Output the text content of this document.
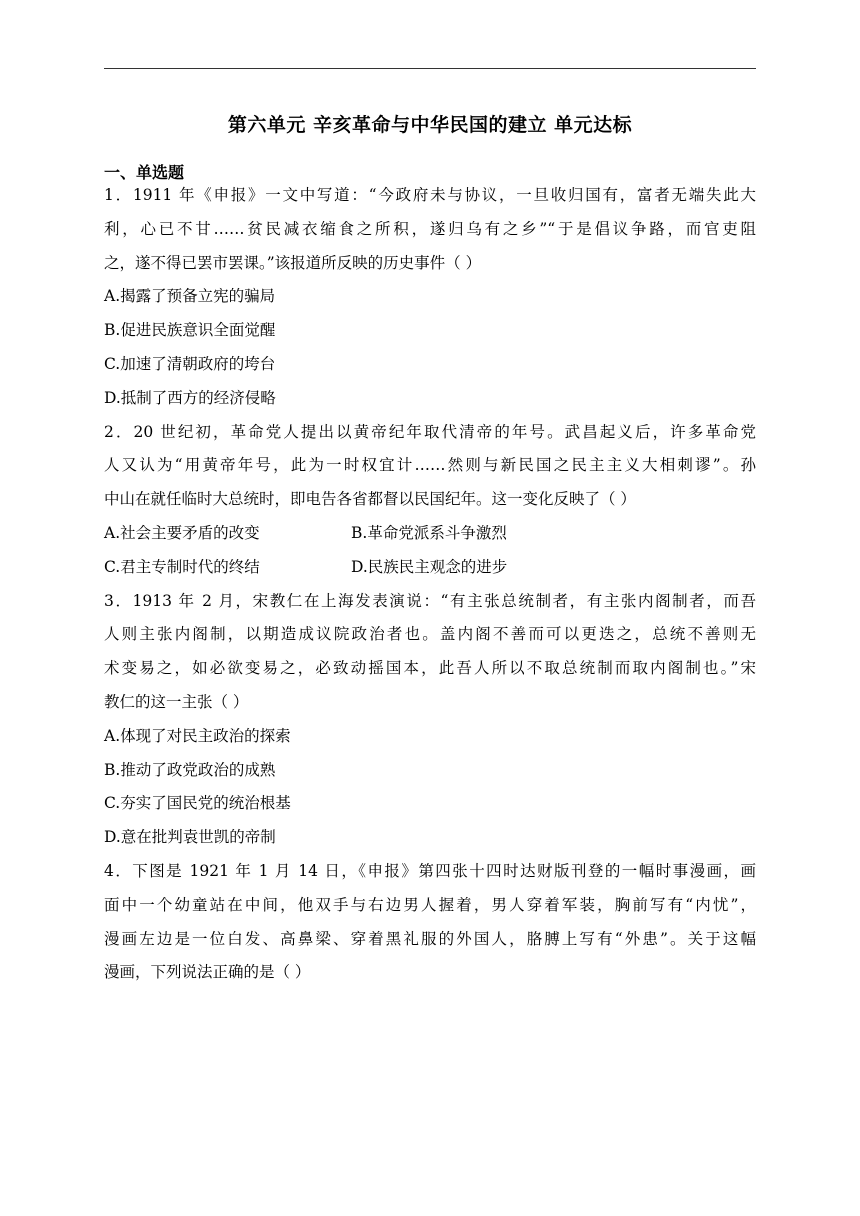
第六单元 辛亥革命与中华民国的建立 单元达标
一、单选题
1．1911 年《申报》一文中写道：“今政府未与协议，一旦收归国有，富者无端失此大
利，心已不甘……贫民减衣缩食之所积，遂归乌有之乡”“于是倡议争路，而官吏阻
之，遂不得已罢市罢课。”该报道所反映的历史事件（ ）
A.揭露了预备立宪的骗局
B.促进民族意识全面觉醒
C.加速了清朝政府的垮台
D.抵制了西方的经济侵略
2．20 世纪初，革命党人提出以黄帝纪年取代清帝的年号。武昌起义后，许多革命党
人又认为“用黄帝年号，此为一时权宜计……然则与新民国之民主主义大相刺谬”。孙
中山在就任临时大总统时，即电告各省都督以民国纪年。这一变化反映了（ ）
A.社会主要矛盾的改变	B.革命党派系斗争激烈
C.君主专制时代的终结	D.民族民主观念的进步
3．1913 年 2 月，宋教仁在上海发表演说：“有主张总统制者，有主张内阁制者，而吾
人则主张内阁制，以期造成议院政治者也。盖内阁不善而可以更迭之，总统不善则无
术变易之，如必欲变易之，必致动摇国本，此吾人所以不取总统制而取内阁制也。”宋
教仁的这一主张（ ）
A.体现了对民主政治的探索
B.推动了政党政治的成熟
C.夯实了国民党的统治根基
D.意在批判袁世凯的帝制
4．下图是 1921 年 1 月 14 日，《申报》第四张十四时达财版刊登的一幅时事漫画，画
面中一个幼童站在中间，他双手与右边男人握着，男人穿着军装，胸前写有“内忧”，
漫画左边是一位白发、高鼻梁、穿着黑礼服的外国人，胳膊上写有“外患”。关于这幅
漫画，下列说法正确的是（ ）
